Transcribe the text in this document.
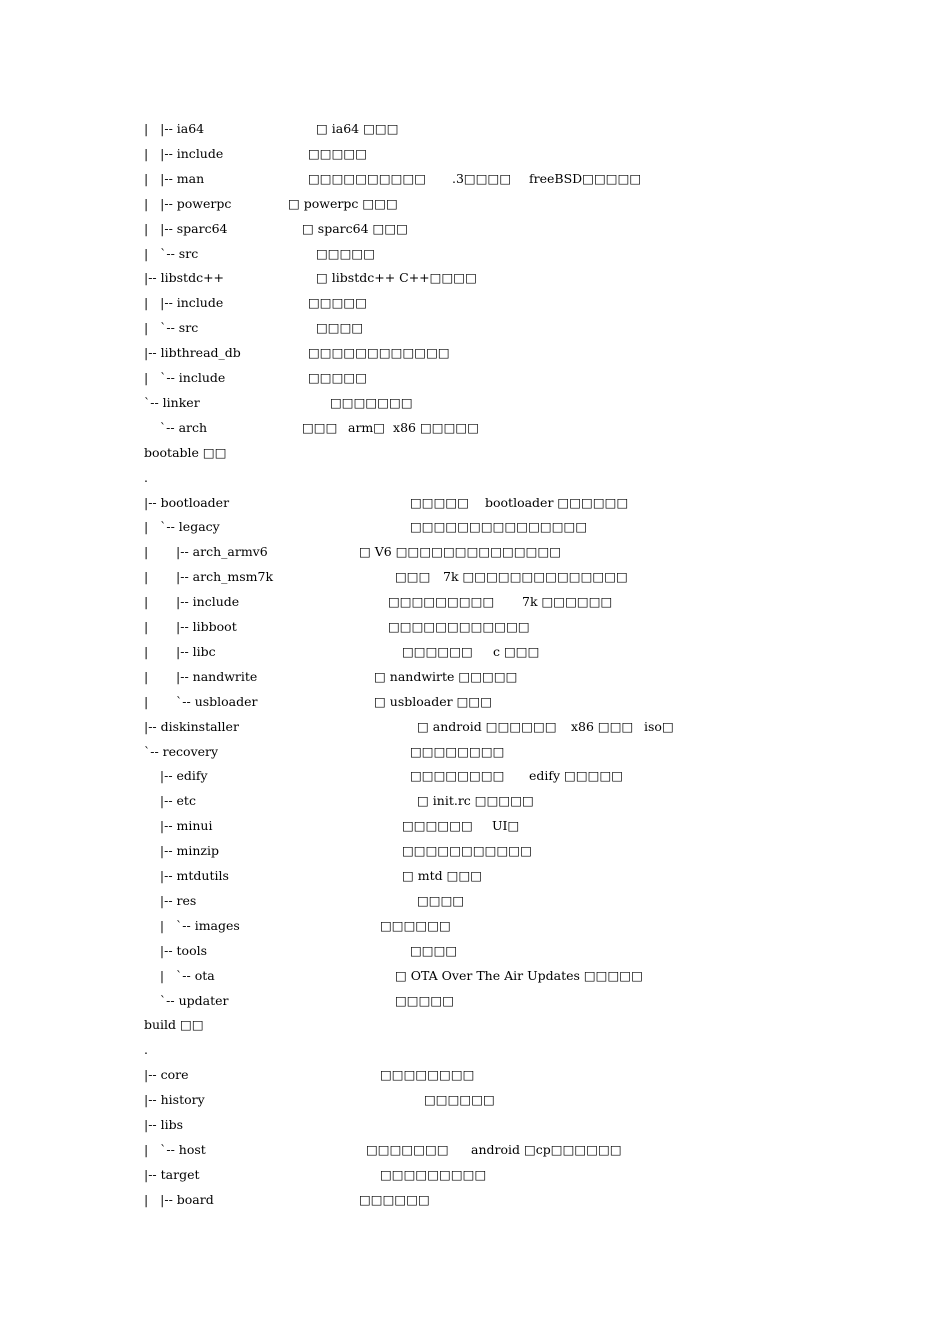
|   |-- ia64	□ ia64 □□□
|   |-- include	□□□□□
|   |-- man	□□□□□□□□□□ .3□□□□ freeBSD□□□□□
|   |-- powerpc	□ powerpc □□□
|   |-- sparc64	□ sparc64 □□□
|   `-- src	□□□□□
|-- libstdc++	□ libstdc++ C++□□□□
|   |-- include	□□□□□
|   `-- src	□□□□
|-- libthread_db	□□□□□□□□□□□□
|   `-- include	□□□□□
`-- linker	□□□□□□□
`-- arch	□□□ arm□  x86 □□□□□
bootable □□
.
|-- bootloader	□□□□□ bootloader □□□□□□
|   `-- legacy	□□□□□□□□□□□□□□□
|       |-- arch_armv6	□ V6 □□□□□□□□□□□□□□
|       |-- arch_msm7k	□□□ 7k □□□□□□□□□□□□□□
|       |-- include	□□□□□□□□□ 7k □□□□□□
|       |-- libboot	□□□□□□□□□□□□
|       |-- libc	□□□□□□ c □□□
|       |-- nandwrite	□ nandwirte □□□□□
|       `-- usbloader	□ usbloader □□□
|-- diskinstaller	□ android □□□□□□ x86 □□□ iso□
`-- recovery	□□□□□□□□
|-- edify	□□□□□□□□ edify □□□□□
|-- etc	□ init.rc □□□□□
|-- minui	□□□□□□ UI□
|-- minzip	□□□□□□□□□□□
|-- mtdutils	□ mtd □□□
|-- res	□□□□
|   `-- images	□□□□□□
|-- tools	□□□□
|   `-- ota	□ OTA Over The Air Updates □□□□□
`-- updater	□□□□□
build □□
.
|-- core	□□□□□□□□
|-- history	□□□□□□
|-- libs
|   `-- host	□□□□□□□ android □cp□□□□□□
|-- target	□□□□□□□□□
|   |-- board	□□□□□□
